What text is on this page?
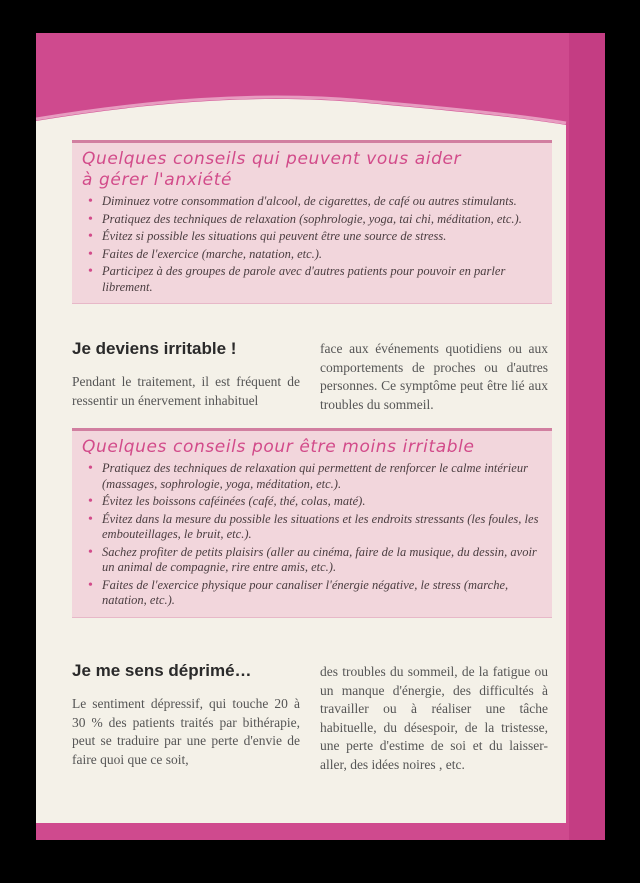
Quelques conseils qui peuvent vous aider
à gérer l'anxiété

• Diminuez votre consommation d'alcool, de cigarettes, de café ou autres stimulants.
• Pratiquez des techniques de relaxation (sophrologie, yoga, tai chi, méditation, etc.).
• Évitez si possible les situations qui peuvent être une source de stress.
• Faites de l'exercice (marche, natation, etc.).
• Participez à des groupes de parole avec d'autres patients pour pouvoir en parler librement.
Je deviens irritable !

Pendant le traitement, il est fréquent de ressentir un énervement inhabituel

face aux événements quotidiens ou aux comportements de proches ou d'autres personnes. Ce symptôme peut être lié aux troubles du sommeil.

Quelques conseils pour être moins irritable

• Pratiquez des techniques de relaxation qui permettent de renforcer le calme intérieur (massages, sophrologie, yoga, méditation, etc.).
• Évitez les boissons caféinées (café, thé, colas, maté).
• Évitez dans la mesure du possible les situations et les endroits stressants (les foules, les embouteillages, le bruit, etc.).
• Sachez profiter de petits plaisirs (aller au cinéma, faire de la musique, du dessin, avoir un animal de compagnie, rire entre amis, etc.).
• Faites de l'exercice physique pour canaliser l'énergie négative, le stress (marche, natation, etc.).
Je me sens déprimé…

Le sentiment dépressif, qui touche 20 à 30 % des patients traités par bithérapie, peut se traduire par une perte d'envie de faire quoi que ce soit,

des troubles du sommeil, de la fatigue ou un manque d'énergie, des difficultés à travailler ou à réaliser une tâche habituelle, du désespoir, de la tristesse, une perte d'estime de soi et du laisser-aller, des idées noires , etc.
